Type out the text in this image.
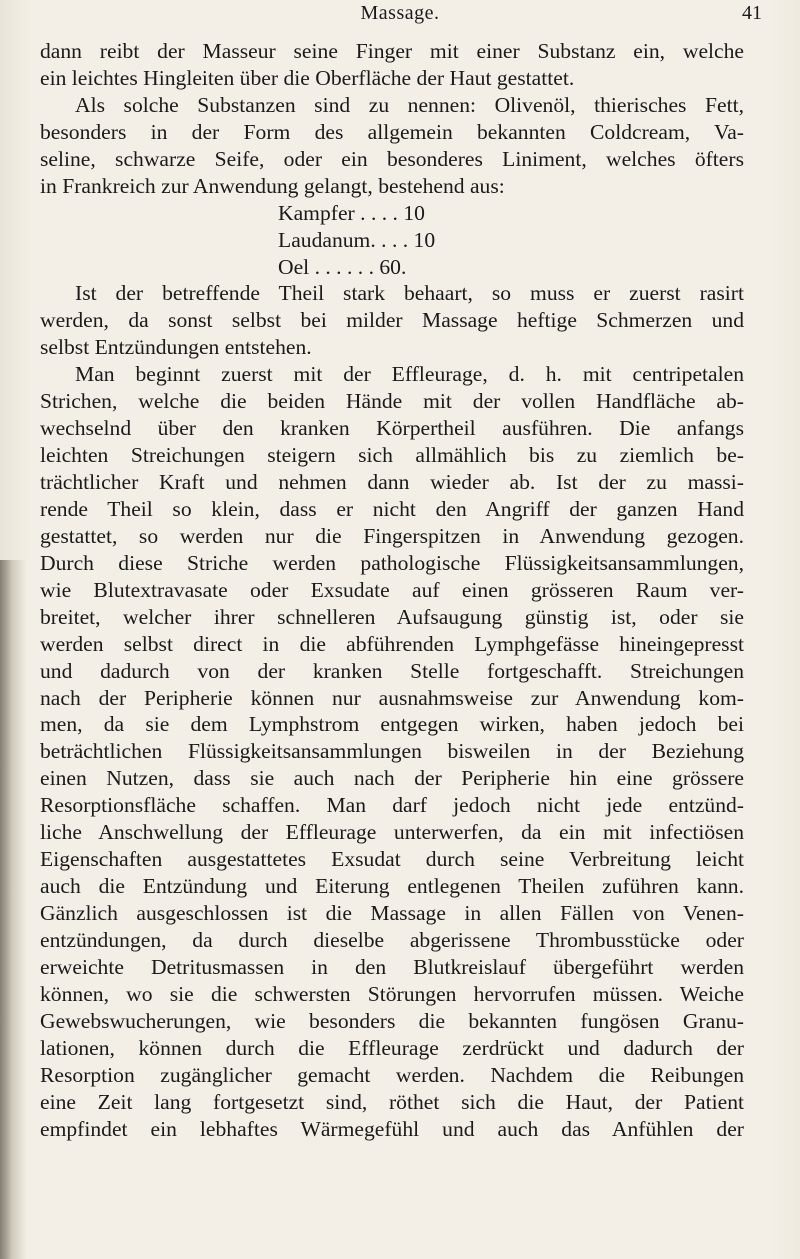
Massage.	41
dann reibt der Masseur seine Finger mit einer Substanz ein, welche
ein leichtes Hingleiten über die Oberfläche der Haut gestattet.
Als solche Substanzen sind zu nennen: Olivenöl, thierisches Fett,
besonders in der Form des allgemein bekannten Coldcream, Va-
seline, schwarze Seife, oder ein besonderes Liniment, welches öfters
in Frankreich zur Anwendung gelangt, bestehend aus:
Kampfer . . . . 10
Laudanum. . . . 10
Oel . . . . . . 60.
Ist der betreffende Theil stark behaart, so muss er zuerst rasirt
werden, da sonst selbst bei milder Massage heftige Schmerzen und
selbst Entzündungen entstehen.
Man beginnt zuerst mit der Effleurage, d. h. mit centripetalen
Strichen, welche die beiden Hände mit der vollen Handfläche ab-
wechselnd über den kranken Körpertheil ausführen. Die anfangs
leichten Streichungen steigern sich allmählich bis zu ziemlich be-
trächtlicher Kraft und nehmen dann wieder ab. Ist der zu massi-
rende Theil so klein, dass er nicht den Angriff der ganzen Hand
gestattet, so werden nur die Fingerspitzen in Anwendung gezogen.
Durch diese Striche werden pathologische Flüssigkeitsansammlungen,
wie Blutextravasate oder Exsudate auf einen grösseren Raum ver-
breitet, welcher ihrer schnelleren Aufsaugung günstig ist, oder sie
werden selbst direct in die abführenden Lymphgefässe hineingepresst
und dadurch von der kranken Stelle fortgeschafft. Streichungen
nach der Peripherie können nur ausnahmsweise zur Anwendung kom-
men, da sie dem Lymphstrom entgegen wirken, haben jedoch bei
beträchtlichen Flüssigkeitsansammlungen bisweilen in der Beziehung
einen Nutzen, dass sie auch nach der Peripherie hin eine grössere
Resorptionsfläche schaffen. Man darf jedoch nicht jede entzünd-
liche Anschwellung der Effleurage unterwerfen, da ein mit infectiösen
Eigenschaften ausgestattetes Exsudat durch seine Verbreitung leicht
auch die Entzündung und Eiterung entlegenen Theilen zuführen kann.
Gänzlich ausgeschlossen ist die Massage in allen Fällen von Venen-
entzündungen, da durch dieselbe abgerissene Thrombusstücke oder
erweichte Detritusmassen in den Blutkreislauf übergeführt werden
können, wo sie die schwersten Störungen hervorrufen müssen. Weiche
Gewebswucherungen, wie besonders die bekannten fungösen Granu-
lationen, können durch die Effleurage zerdrückt und dadurch der
Resorption zugänglicher gemacht werden. Nachdem die Reibungen
eine Zeit lang fortgesetzt sind, röthet sich die Haut, der Patient
empfindet ein lebhaftes Wärmegefühl und auch das Anfühlen der
